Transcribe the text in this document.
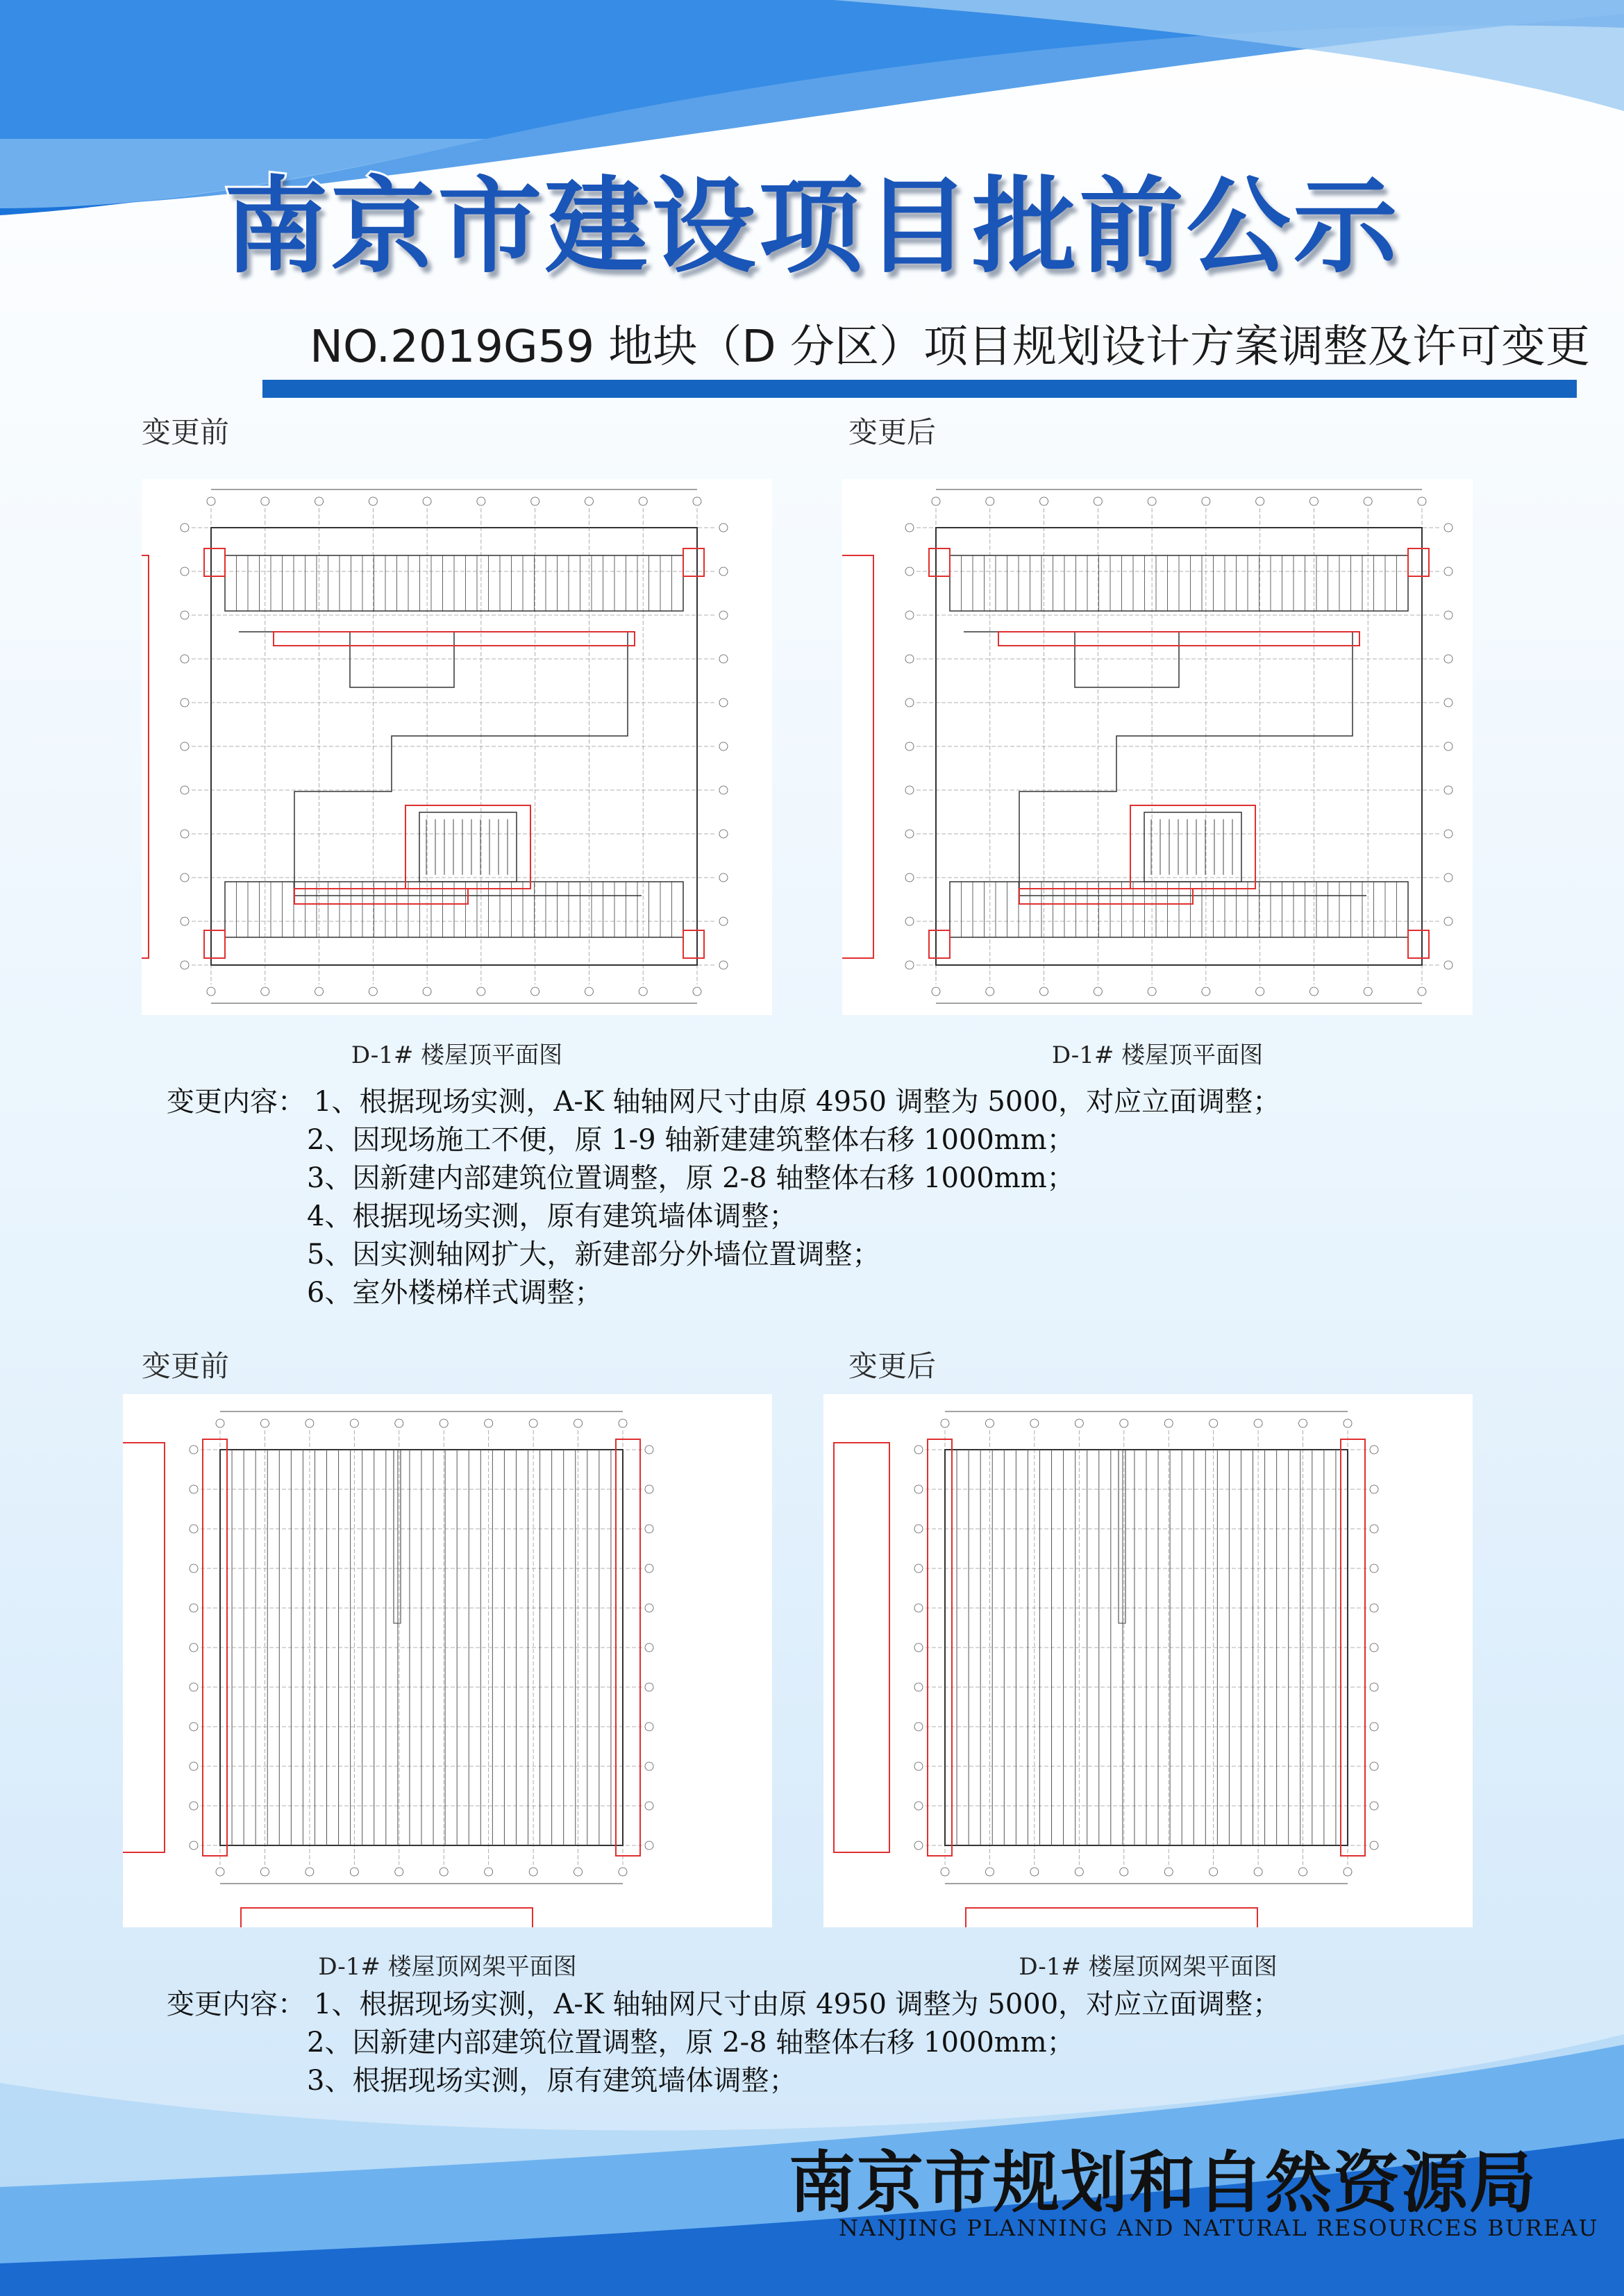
南京市建设项目批前公示
NO.2019G59 地块（D 分区）项目规划设计方案调整及许可变更
变更前	变更后
D-1# 楼屋顶平面图	D-1# 楼屋顶平面图
变更内容： 1、根据现场实测，A-K 轴轴网尺寸由原 4950 调整为 5000，对应立面调整；
2、因现场施工不便，原 1-9 轴新建建筑整体右移 1000mm；
3、因新建内部建筑位置调整，原 2-8 轴整体右移 1000mm；
4、根据现场实测，原有建筑墙体调整；
5、因实测轴网扩大，新建部分外墙位置调整；
6、室外楼梯样式调整；
变更前	变更后
D-1# 楼屋顶网架平面图	D-1# 楼屋顶网架平面图
变更内容： 1、根据现场实测，A-K 轴轴网尺寸由原 4950 调整为 5000，对应立面调整；
2、因新建内部建筑位置调整，原 2-8 轴整体右移 1000mm；
3、根据现场实测，原有建筑墙体调整；
南京市规划和自然资源局
NANJING PLANNING AND NATURAL RESOURCES BUREAU
